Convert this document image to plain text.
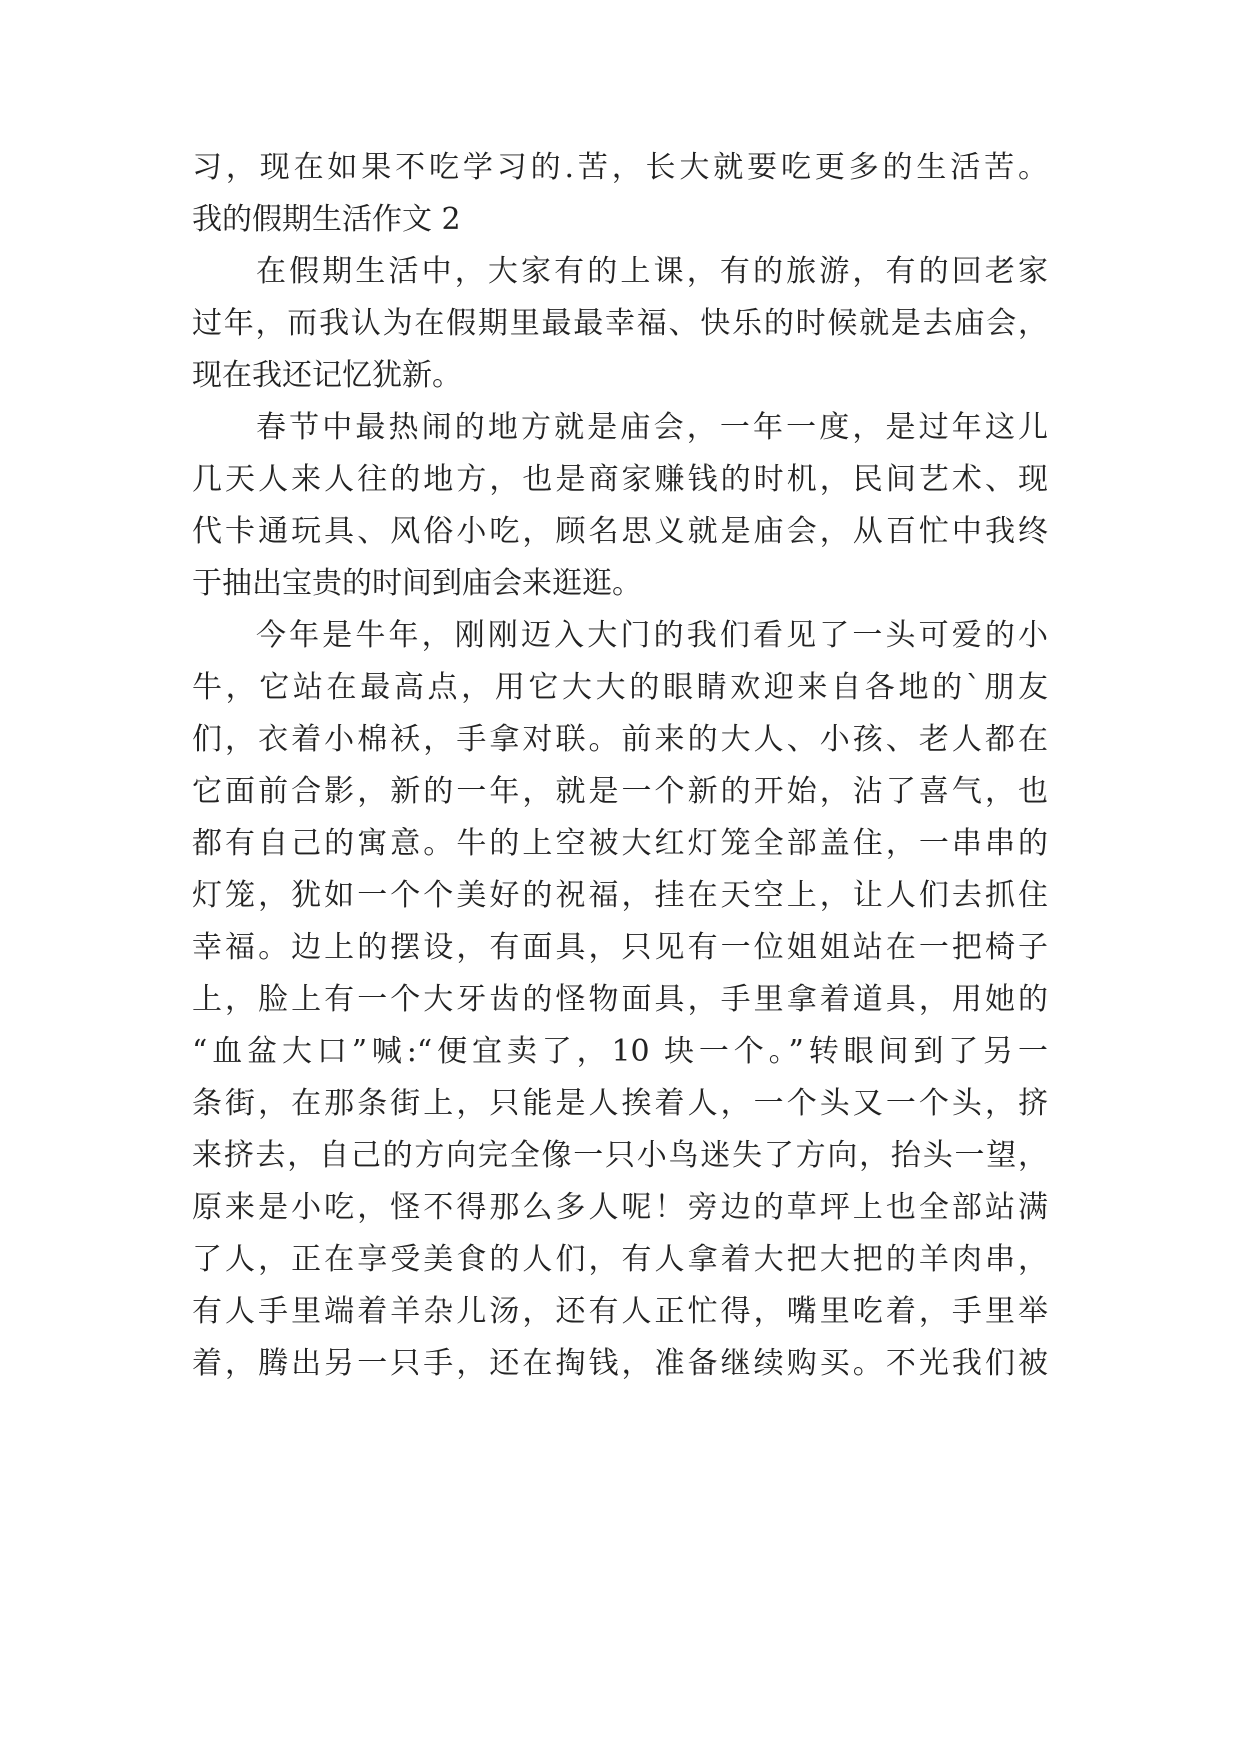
习，现在如果不吃学习的.苦，长大就要吃更多的生活苦。
我的假期生活作文 2
在假期生活中，大家有的上课，有的旅游，有的回老家
过年，而我认为在假期里最最幸福、快乐的时候就是去庙会，
现在我还记忆犹新。
春节中最热闹的地方就是庙会，一年一度，是过年这儿
几天人来人往的地方，也是商家赚钱的时机，民间艺术、现
代卡通玩具、风俗小吃，顾名思义就是庙会，从百忙中我终
于抽出宝贵的时间到庙会来逛逛。
今年是牛年，刚刚迈入大门的我们看见了一头可爱的小
牛，它站在最高点，用它大大的眼睛欢迎来自各地的`朋友
们，衣着小棉袄，手拿对联。前来的大人、小孩、老人都在
它面前合影，新的一年，就是一个新的开始，沾了喜气，也
都有自己的寓意。牛的上空被大红灯笼全部盖住，一串串的
灯笼，犹如一个个美好的祝福，挂在天空上，让人们去抓住
幸福。边上的摆设，有面具，只见有一位姐姐站在一把椅子
上，脸上有一个大牙齿的怪物面具，手里拿着道具，用她的
“血盆大口”喊:“便宜卖了，10 块一个。”转眼间到了另一
条街，在那条街上，只能是人挨着人，一个头又一个头，挤
来挤去，自己的方向完全像一只小鸟迷失了方向，抬头一望，
原来是小吃，怪不得那么多人呢！旁边的草坪上也全部站满
了人，正在享受美食的人们，有人拿着大把大把的羊肉串，
有人手里端着羊杂儿汤，还有人正忙得，嘴里吃着，手里举
着，腾出另一只手，还在掏钱，准备继续购买。不光我们被
